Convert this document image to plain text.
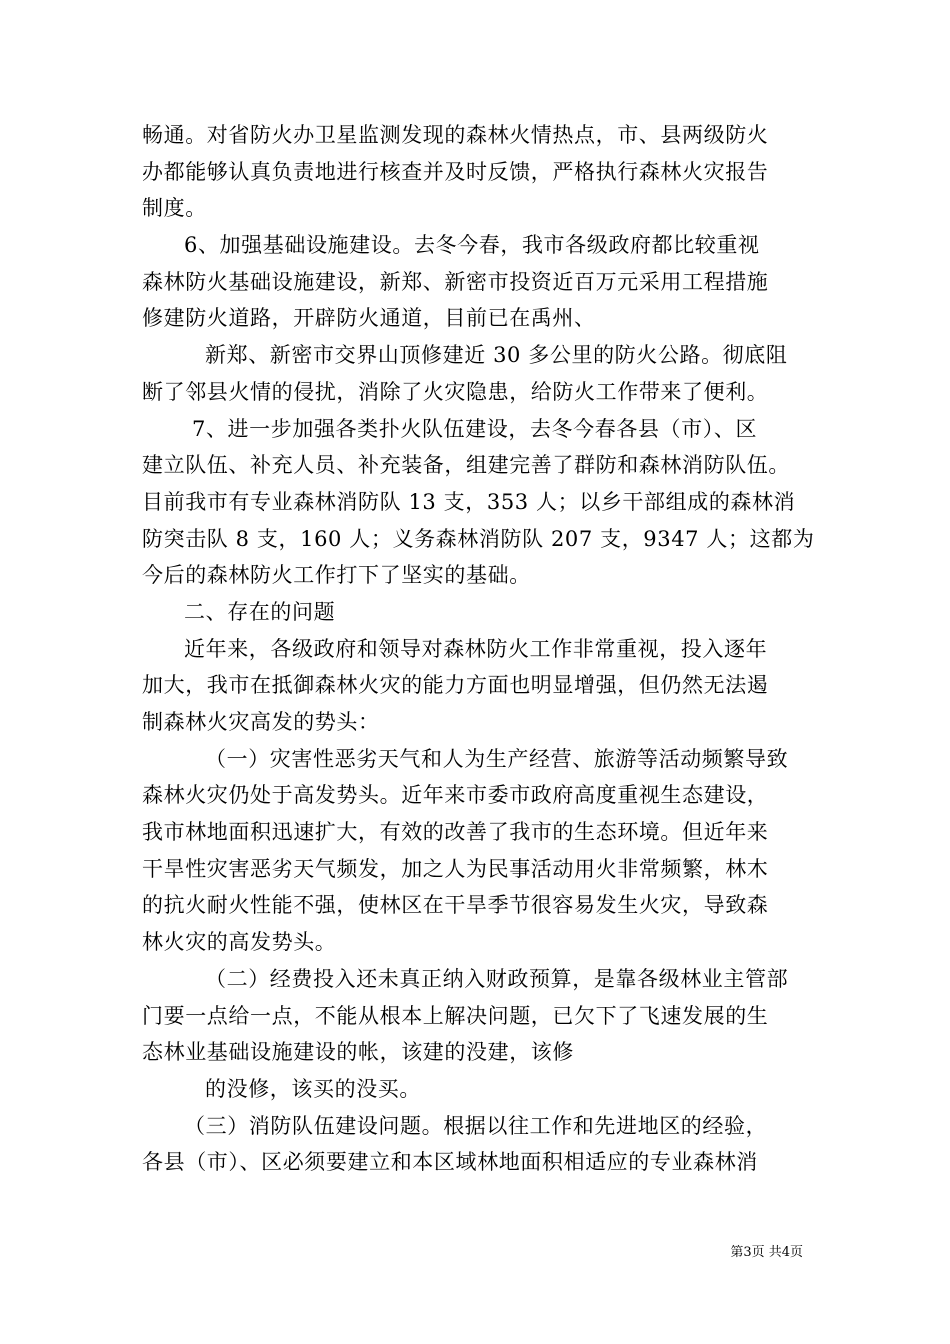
畅通。对省防火办卫星监测发现的森林火情热点，市、县两级防火
办都能够认真负责地进行核查并及时反馈，严格执行森林火灾报告
制度。
6、加强基础设施建设。去冬今春，我市各级政府都比较重视
森林防火基础设施建设，新郑、新密市投资近百万元采用工程措施
修建防火道路，开辟防火通道，目前已在禹州、
新郑、新密市交界山顶修建近 30 多公里的防火公路。彻底阻
断了邻县火情的侵扰，消除了火灾隐患，给防火工作带来了便利。
7、进一步加强各类扑火队伍建设，去冬今春各县（市）、区
建立队伍、补充人员、补充装备，组建完善了群防和森林消防队伍。
目前我市有专业森林消防队 13 支，353 人；以乡干部组成的森林消
防突击队 8 支，160 人；义务森林消防队 207 支，9347 人；这都为
今后的森林防火工作打下了坚实的基础。
二、存在的问题
近年来，各级政府和领导对森林防火工作非常重视，投入逐年
加大，我市在抵御森林火灾的能力方面也明显增强，但仍然无法遏
制森林火灾高发的势头：
（一）灾害性恶劣天气和人为生产经营、旅游等活动频繁导致
森林火灾仍处于高发势头。近年来市委市政府高度重视生态建设，
我市林地面积迅速扩大，有效的改善了我市的生态环境。但近年来
干旱性灾害恶劣天气频发，加之人为民事活动用火非常频繁，林木
的抗火耐火性能不强，使林区在干旱季节很容易发生火灾，导致森
林火灾的高发势头。
（二）经费投入还未真正纳入财政预算，是靠各级林业主管部
门要一点给一点，不能从根本上解决问题，已欠下了飞速发展的生
态林业基础设施建设的帐，该建的没建，该修
的没修，该买的没买。
（三）消防队伍建设问题。根据以往工作和先进地区的经验，
各县（市）、区必须要建立和本区域林地面积相适应的专业森林消
第3页 共4页
